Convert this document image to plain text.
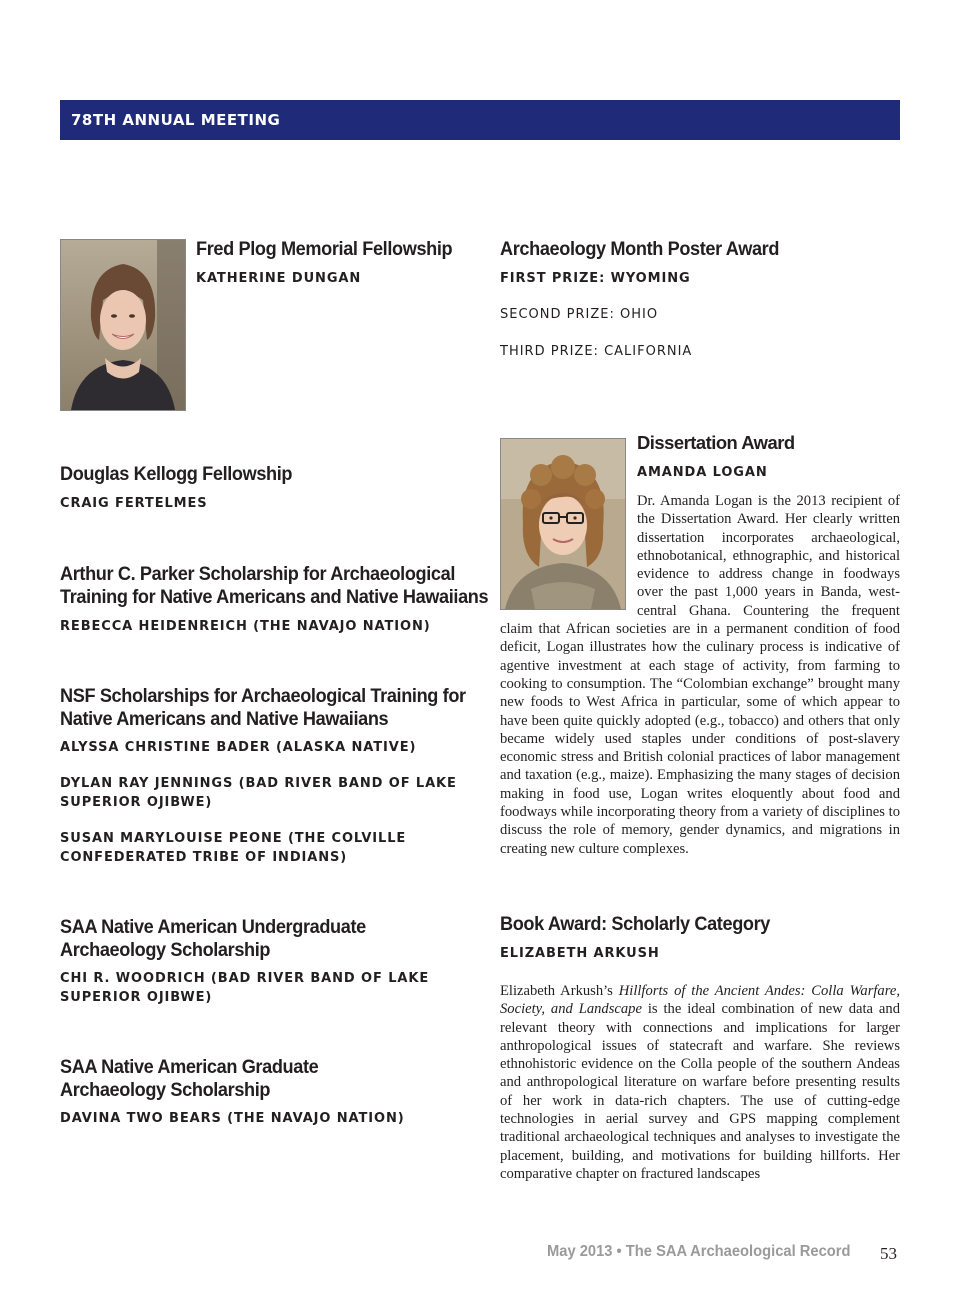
78TH ANNUAL MEETING
Fred Plog Memorial Fellowship
KATHERINE DUNGAN
Douglas Kellogg Fellowship
CRAIG FERTELMES
Arthur C. Parker Scholarship for Archaeological
Training for Native Americans and Native Hawaiians
REBECCA HEIDENREICH (THE NAVAJO NATION)
NSF Scholarships for Archaeological Training for
Native Americans and Native Hawaiians
ALYSSA CHRISTINE BADER (ALASKA NATIVE)
DYLAN RAY JENNINGS (BAD RIVER BAND OF LAKE SUPERIOR OJIBWE)
SUSAN MARYLOUISE PEONE (THE COLVILLE CONFEDERATED TRIBE OF INDIANS)
SAA Native American Undergraduate
Archaeology Scholarship
CHI R. WOODRICH (BAD RIVER BAND OF LAKE SUPERIOR OJIBWE)
SAA Native American Graduate
Archaeology Scholarship
DAVINA TWO BEARS (THE NAVAJO NATION)
Archaeology Month Poster Award
FIRST PRIZE: WYOMING
SECOND PRIZE: OHIO
THIRD PRIZE: CALIFORNIA
Dissertation Award
AMANDA LOGAN

Dr. Amanda Logan is the 2013 recipient of the Dissertation Award. Her clearly written dissertation incorporates archaeological, ethnobotanical, ethnographic, and historical evidence to address change in foodways over the past 1,000 years in Banda, west-central Ghana. Countering the frequent claim that African societies are in a permanent condition of food deficit, Logan illustrates how the culinary process is indicative of agentive investment at each stage of activity, from farming to cooking to consumption. The “Colombian exchange” brought many new foods to West Africa in particular, some of which appear to have been quite quickly adopted (e.g., tobacco) and others that only became widely used staples under conditions of post-slavery economic stress and British colonial practices of labor management and taxation (e.g., maize). Emphasizing the many stages of decision making in food use, Logan writes eloquently about food and foodways while incorporating theory from a variety of disciplines to discuss the role of memory, gender dynamics, and migrations in creating new culture complexes.

Book Award: Scholarly Category
ELIZABETH ARKUSH

Elizabeth Arkush’s Hillforts of the Ancient Andes: Colla Warfare, Society, and Landscape is the ideal combination of new data and relevant theory with connections and implications for larger anthropological issues of statecraft and warfare. She reviews ethnohistoric evidence on the Colla people of the southern Andeas and anthropological literature on warfare before presenting results of her work in data-rich chapters. The use of cutting-edge technologies in aerial survey and GPS mapping complement traditional archaeological techniques and analyses to investigate the placement, building, and motivations for building hillforts. Her comparative chapter on fractured landscapes

May 2013 • The SAA Archaeological Record 53
